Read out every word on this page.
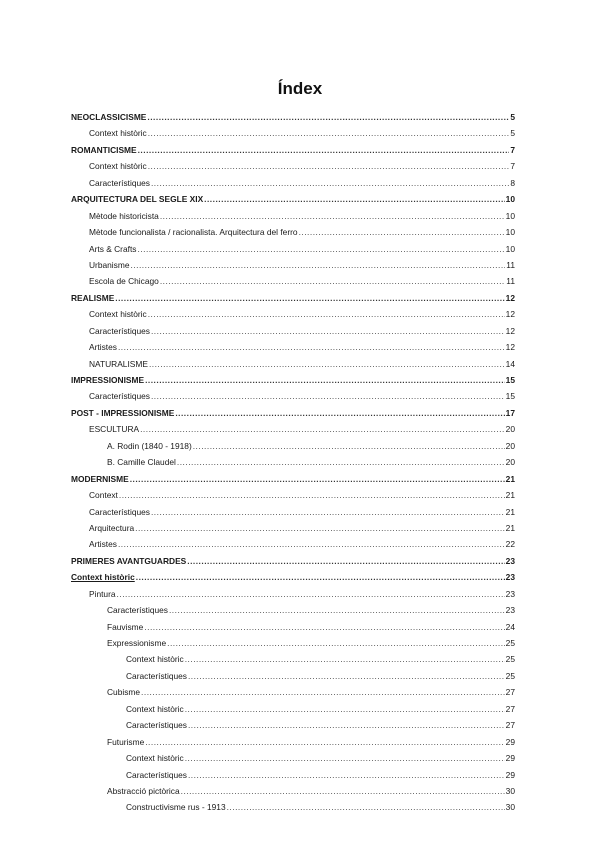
Índex
NEOCLASSICISME .....	5
Context històric .....	5
ROMANTICISME .....	7
Context històric .....	7
Característiques .....	8
ARQUITECTURA DEL SEGLE XIX .....	10
Mètode historicista .....	10
Mètode funcionalista / racionalista. Arquitectura del ferro .....	10
Arts & Crafts .....	10
Urbanisme .....	11
Escola de Chicago .....	11
REALISME .....	12
Context històric .....	12
Característiques .....	12
Artistes .....	12
NATURALISME .....	14
IMPRESSIONISME .....	15
Característiques .....	15
POST - IMPRESSIONISME .....	17
ESCULTURA .....	20
A. Rodin (1840 - 1918) .....	20
B. Camille Claudel .....	20
MODERNISME .....	21
Context .....	21
Característiques .....	21
Arquitectura .....	21
Artistes .....	22
PRIMERES AVANTGUARDES .....	23
Context històric .....	23
Pintura .....	23
Característiques .....	23
Fauvisme .....	24
Expressionisme .....	25
Context històric .....	25
Característiques .....	25
Cubisme .....	27
Context històric .....	27
Característiques .....	27
Futurisme .....	29
Context històric .....	29
Característiques .....	29
Abstracció pictòrica .....	30
Constructivisme rus - 1913 .....	30
